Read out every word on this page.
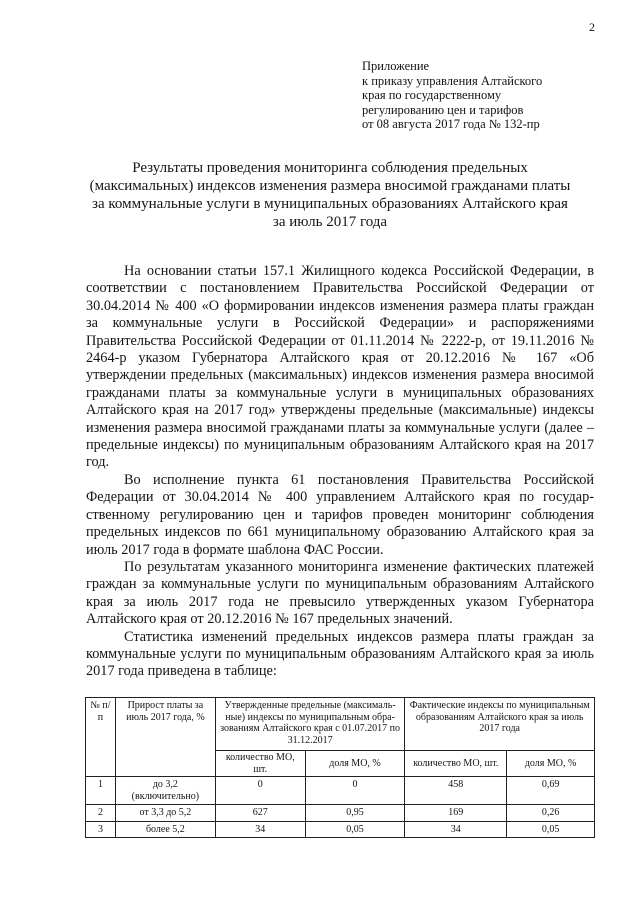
2
Приложение
к приказу управления Алтайского
края по государственному
регулированию цен и тарифов
от 08 августа 2017 года № 132-пр
Результаты проведения мониторинга соблюдения предельных
(максимальных) индексов изменения размера вносимой гражданами платы
за коммунальные услуги в муниципальных образованиях Алтайского края
за июль 2017 года

На основании статьи 157.1 Жилищного кодекса Российской Федерации, в соответствии с постановлением Правительства Российской Федерации от 30.04.2014 № 400 «О формировании индексов изменения размера платы граждан за коммунальные услуги в Российской Федерации» и распоряжениями Правительства Российской Федерации от 01.11.2014 № 2222-р, от 19.11.2016 № 2464-р указом Губернатора Алтайского края от 20.12.2016 № 167 «Об утверждении предельных (максимальных) индексов изменения размера вносимой гражданами платы за коммунальные услуги в муниципальных образованиях Алтайского края на 2017 год» утверждены предельные (максимальные) индексы изменения размера вносимой гражданами платы за коммунальные услуги (далее – предельные индексы) по муниципальным образованиям Алтайского края на 2017 год.

Во исполнение пункта 61 постановления Правительства Российской Федерации от 30.04.2014 № 400 управлением Алтайского края по государственному регулированию цен и тарифов проведен мониторинг соблюдения предельных индексов по 661 муниципальному образованию Алтайского края за июль 2017 года в формате шаблона ФАС России.

По результатам указанного мониторинга изменение фактических платежей граждан за коммунальные услуги по муниципальным образованиям Алтайского края за июль 2017 года не превысило утвержденных указом Губернатора Алтайского края от 20.12.2016 № 167 предельных значений.

Статистика изменений предельных индексов размера платы граждан за коммунальные услуги по муниципальным образованиям Алтайского края за июль 2017 года приведена в таблице:

№ п/п	Прирост платы за июль 2017 года, %	Утвержденные предельные (максимальные) индексы по муниципальным образованиям Алтайского края с 01.07.2017 по 31.12.2017		Фактические индексы по муниципальным образованиям Алтайского края за июль 2017 года	
		количество МО, шт.	доля МО, %	количество МО, шт.	доля МО, %
1	до 3,2 (включительно)	0	0	458	0,69
2	от 3,3 до 5,2	627	0,95	169	0,26
3	более 5,2	34	0,05	34	0,05
